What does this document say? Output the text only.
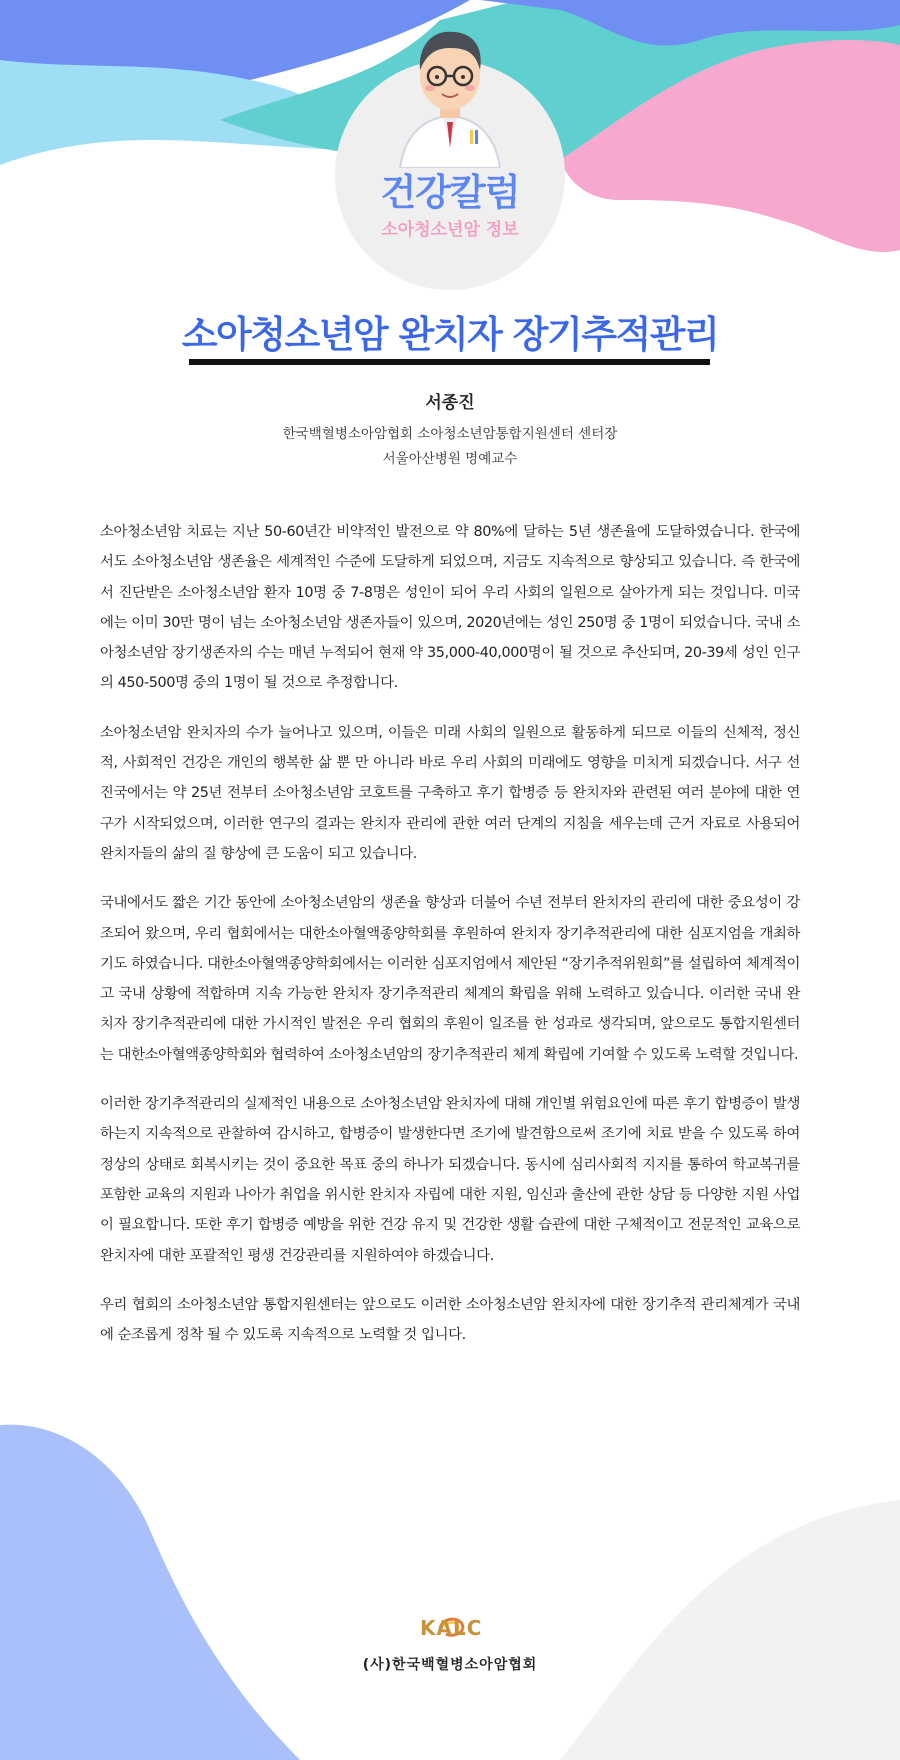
건강칼럼
소아청소년암 정보
소아청소년암 완치자 장기추적관리
서종진
한국백혈병소아암협회 소아청소년암통합지원센터 센터장
서울아산병원 명예교수

소아청소년암 치료는 지난 50-60년간 비약적인 발전으로 약 80%에 달하는 5년 생존율에 도달하였습니다. 한국에서도 소아청소년암 생존율은 세계적인 수준에 도달하게 되었으며, 지금도 지속적으로 향상되고 있습니다. 즉 한국에서 진단받은 소아청소년암 환자 10명 중 7-8명은 성인이 되어 우리 사회의 일원으로 살아가게 되는 것입니다. 미국에는 이미 30만 명이 넘는 소아청소년암 생존자들이 있으며, 2020년에는 성인 250명 중 1명이 되었습니다. 국내 소아청소년암 장기생존자의 수는 매년 누적되어 현재 약 35,000-40,000명이 될 것으로 추산되며, 20-39세 성인 인구의 450-500명 중의 1명이 될 것으로 추정합니다.

소아청소년암 완치자의 수가 늘어나고 있으며, 이들은 미래 사회의 일원으로 활동하게 되므로 이들의 신체적, 정신적, 사회적인 건강은 개인의 행복한 삶 뿐 만 아니라 바로 우리 사회의 미래에도 영향을 미치게 되겠습니다. 서구 선진국에서는 약 25년 전부터 소아청소년암 코호트를 구축하고 후기 합병증 등 완치자와 관련된 여러 분야에 대한 연구가 시작되었으며, 이러한 연구의 결과는 완치자 관리에 관한 여러 단계의 지침을 세우는데 근거 자료로 사용되어 완치자들의 삶의 질 향상에 큰 도움이 되고 있습니다.

국내에서도 짧은 기간 동안에 소아청소년암의 생존율 향상과 더불어 수년 전부터 완치자의 관리에 대한 중요성이 강조되어 왔으며, 우리 협회에서는 대한소아혈액종양학회를 후원하여 완치자 장기추적관리에 대한 심포지엄을 개최하기도 하였습니다. 대한소아혈액종양학회에서는 이러한 심포지엄에서 제안된 “장기추적위원회”를 설립하여 체계적이고 국내 상황에 적합하며 지속 가능한 완치자 장기추적관리 체계의 확립을 위해 노력하고 있습니다. 이러한 국내 완치자 장기추적관리에 대한 가시적인 발전은 우리 협회의 후원이 일조를 한 성과로 생각되며, 앞으로도 통합지원센터는 대한소아혈액종양학회와 협력하여 소아청소년암의 장기추적관리 체계 확립에 기여할 수 있도록 노력할 것입니다.

이러한 장기추적관리의 실제적인 내용으로 소아청소년암 완치자에 대해 개인별 위험요인에 따른 후기 합병증이 발생하는지 지속적으로 관찰하여 감시하고, 합병증이 발생한다면 조기에 발견함으로써 조기에 치료 받을 수 있도록 하여 정상의 상태로 회복시키는 것이 중요한 목표 중의 하나가 되겠습니다. 동시에 심리사회적 지지를 통하여 학교복귀를 포함한 교육의 지원과 나아가 취업을 위시한 완치자 자립에 대한 지원, 임신과 출산에 관한 상담 등 다양한 지원 사업이 필요합니다. 또한 후기 합병증 예방을 위한 건강 유지 및 건강한 생활 습관에 대한 구체적이고 전문적인 교육으로 완치자에 대한 포괄적인 평생 건강관리를 지원하여야 하겠습니다.

우리 협회의 소아청소년암 통합지원센터는 앞으로도 이러한 소아청소년암 완치자에 대한 장기추적 관리체계가 국내에 순조롭게 정착 될 수 있도록 지속적으로 노력할 것 입니다.

KALC
(사)한국백혈병소아암협회
